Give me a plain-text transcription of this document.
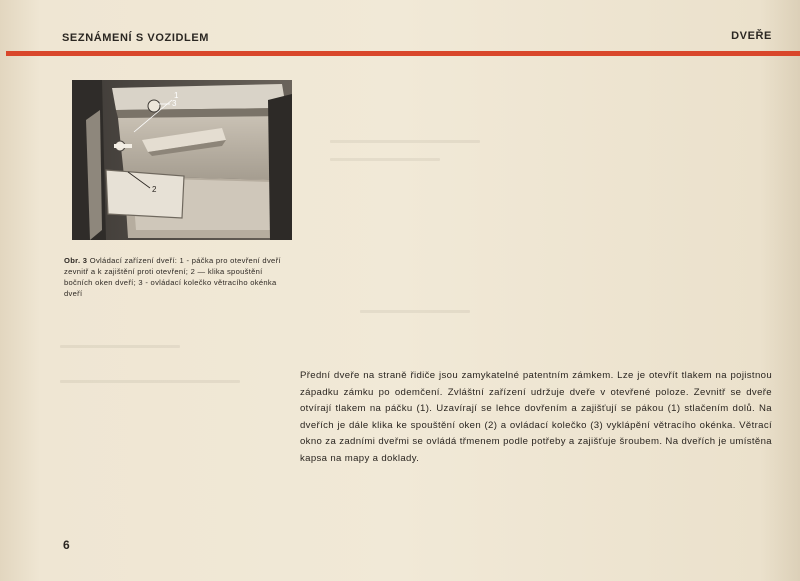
SEZNÁMENÍ S VOZIDLEM	DVEŘE
1
3
2
Obr. 3 Ovládací zařízení dveří: 1 - páčka pro otevření dveří zevnitř a k zajištění proti otevření; 2 — klika spouštění bočních oken dveří; 3 - ovládací kolečko větracího okénka dveří
Přední dveře na straně řidiče jsou zamykatelné patentním zámkem. Lze je otevřít tlakem na pojistnou západku zámku po odemčení. Zvláštní zařízení udržuje dveře v otevřené poloze. Zevnitř se dveře otvírají tlakem na páčku (1). Uzavírají se lehce dovřením a zajišťují se pákou (1) stlačením dolů. Na dveřích je dále klika ke spouštění oken (2) a ovládací kolečko (3) vyklápění větracího okénka. Větrací okno za zadními dveřmi se ovládá třmenem podle potřeby a zajišťuje šroubem. Na dveřích je umístěna kapsa na mapy a doklady.
6
